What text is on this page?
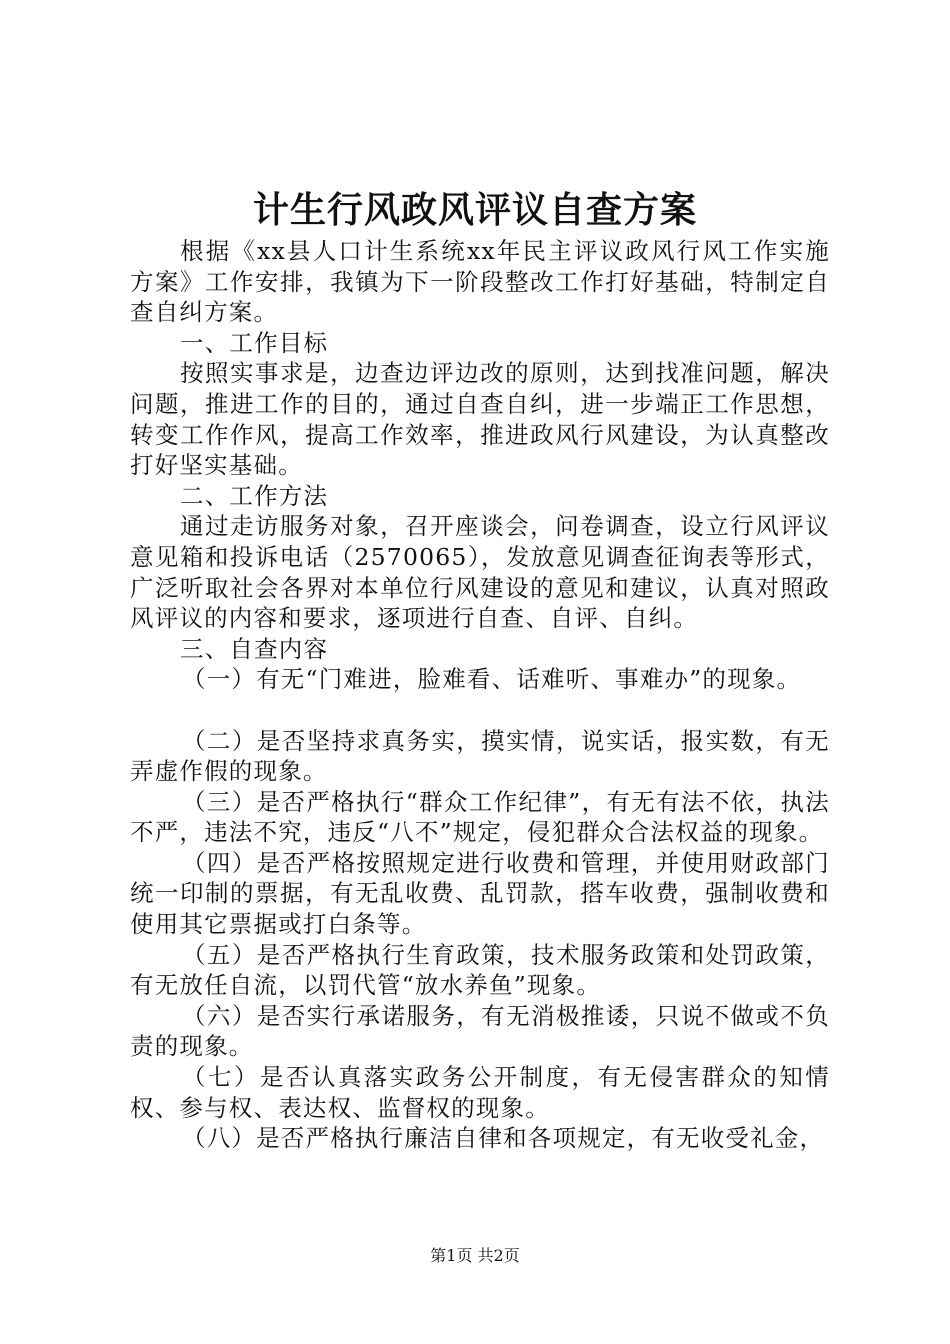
计生行风政风评议自查方案

根据《xx县人口计生系统xx年民主评议政风行风工作实施方案》工作安排，我镇为下一阶段整改工作打好基础，特制定自查自纠方案。

一、工作目标

按照实事求是，边查边评边改的原则，达到找准问题，解决问题，推进工作的目的，通过自查自纠，进一步端正工作思想，转变工作作风，提高工作效率，推进政风行风建设，为认真整改打好坚实基础。

二、工作方法

通过走访服务对象，召开座谈会，问卷调查，设立行风评议意见箱和投诉电话（2570065），发放意见调查征询表等形式，广泛听取社会各界对本单位行风建设的意见和建议，认真对照政风评议的内容和要求，逐项进行自查、自评、自纠。

三、自查内容

（一）有无“门难进，脸难看、话难听、事难办”的现象。

（二）是否坚持求真务实，摸实情，说实话，报实数，有无弄虚作假的现象。

（三）是否严格执行“群众工作纪律”，有无有法不依，执法不严，违法不究，违反“八不”规定，侵犯群众合法权益的现象。

（四）是否严格按照规定进行收费和管理，并使用财政部门统一印制的票据，有无乱收费、乱罚款，搭车收费，强制收费和使用其它票据或打白条等。

（五）是否严格执行生育政策，技术服务政策和处罚政策，有无放任自流，以罚代管“放水养鱼”现象。

（六）是否实行承诺服务，有无消极推诿，只说不做或不负责的现象。

（七）是否认真落实政务公开制度，有无侵害群众的知情权、参与权、表达权、监督权的现象。

（八）是否严格执行廉洁自律和各项规定，有无收受礼金，

第1页 共2页
